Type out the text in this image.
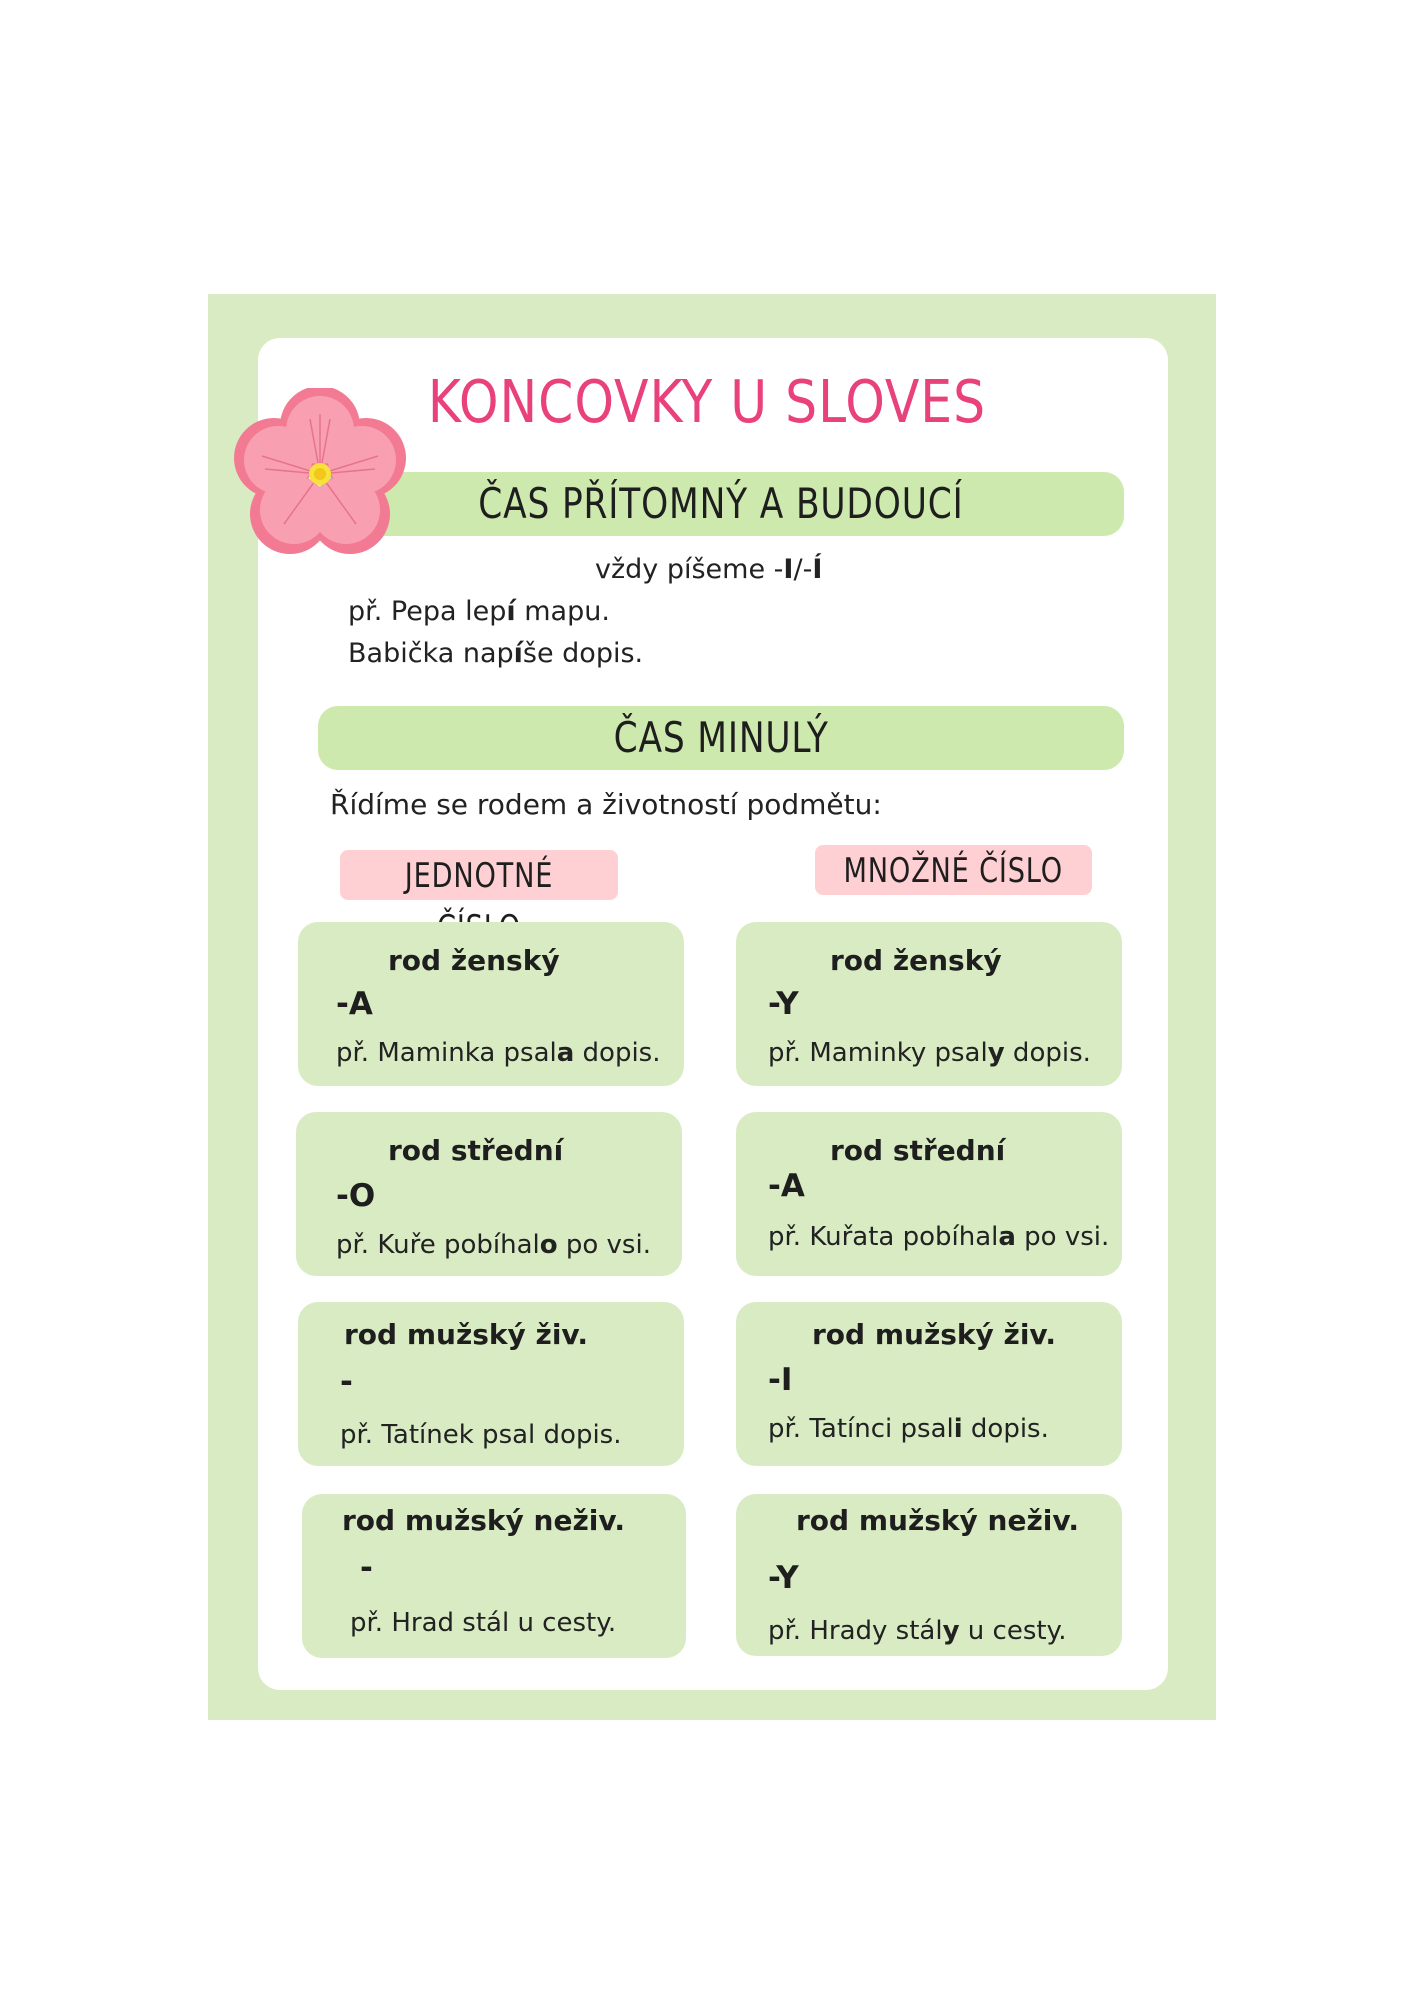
KONCOVKY U SLOVES
ČAS PŘÍTOMNÝ A BUDOUCÍ
vždy píšeme -I/-Í
př. Pepa lepí mapu.
Babička napíše dopis.
ČAS MINULÝ
Řídíme se rodem a životností podmětu:
JEDNOTNÉ	MNOŽNÉ ČÍSLO
rod ženský
-A
př. Maminka psala dopis.
rod ženský
-Y
př. Maminky psaly dopis.
rod střední
-O
př. Kuře pobíhalo po vsi.
rod střední
-A
př. Kuřata pobíhala po vsi.
rod mužský živ.
-
př. Tatínek psal dopis.
rod mužský živ.
-I
př. Tatínci psali dopis.
rod mužský neživ.
-
př. Hrad stál u cesty.
rod mužský neživ.
-Y
př. Hrady stály u cesty.
